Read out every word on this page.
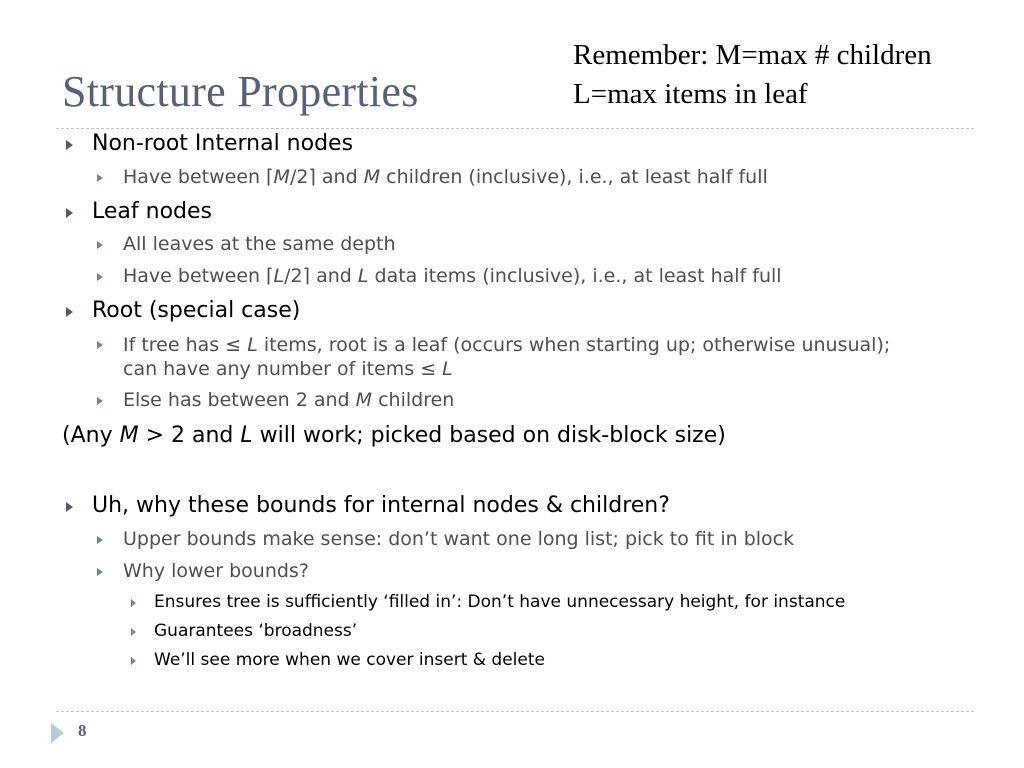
Remember: M=max # children
L=max items in leaf
Structure Properties
Non-root Internal nodes
Have between ⌈M/2⌉ and M children (inclusive), i.e., at least half full
Leaf nodes
All leaves at the same depth
Have between ⌈L/2⌉ and L data items (inclusive), i.e., at least half full
Root (special case)
If tree has ≤ L items, root is a leaf (occurs when starting up; otherwise unusual);
can have any number of items ≤ L
Else has between 2 and M children
(Any M > 2 and L will work; picked based on disk-block size)
Uh, why these bounds for internal nodes & children?
Upper bounds make sense: don’t want one long list; pick to fit in block
Why lower bounds?
Ensures tree is sufficiently ‘filled in’: Don’t have unnecessary height, for instance
Guarantees ‘broadness’
We’ll see more when we cover insert & delete
8
